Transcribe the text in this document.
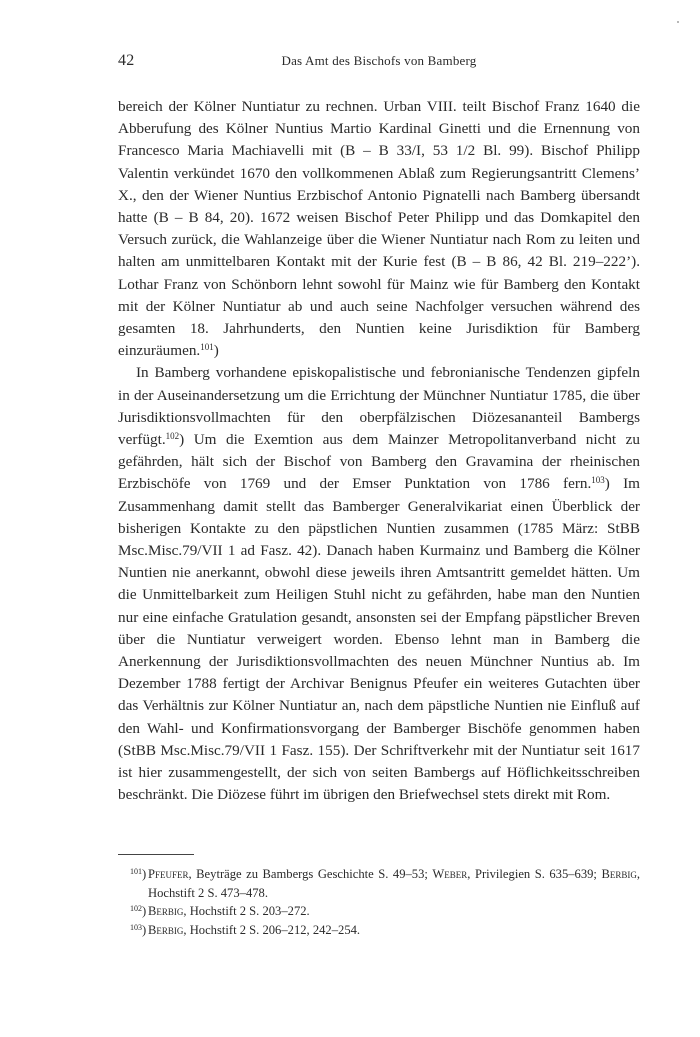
42	Das Amt des Bischofs von Bamberg

bereich der Kölner Nuntiatur zu rechnen. Urban VIII. teilt Bischof Franz 1640 die Abberufung des Kölner Nuntius Martio Kardinal Ginetti und die Ernennung von Francesco Maria Machiavelli mit (B – B 33/I, 53 1/2 Bl. 99). Bischof Philipp Valentin verkündet 1670 den vollkommenen Ablaß zum Regierungsantritt Clemens’ X., den der Wiener Nuntius Erzbischof Antonio Pignatelli nach Bamberg übersandt hatte (B – B 84, 20). 1672 weisen Bischof Peter Philipp und das Domkapitel den Versuch zurück, die Wahlanzeige über die Wiener Nuntiatur nach Rom zu leiten und halten am unmittelbaren Kontakt mit der Kurie fest (B – B 86, 42 Bl. 219–222’). Lothar Franz von Schönborn lehnt sowohl für Mainz wie für Bamberg den Kontakt mit der Kölner Nuntiatur ab und auch seine Nachfolger versuchen während des gesamten 18. Jahrhunderts, den Nuntien keine Jurisdiktion für Bamberg einzuräumen.$^{101}$)

In Bamberg vorhandene episkopalistische und febronianische Tendenzen gipfeln in der Auseinandersetzung um die Errichtung der Münchner Nuntiatur 1785, die über Jurisdiktionsvollmachten für den oberpfälzischen Diözesananteil Bambergs verfügt.$^{102}$) Um die Exemtion aus dem Mainzer Metropolitanverband nicht zu gefährden, hält sich der Bischof von Bamberg den Gravamina der rheinischen Erzbischöfe von 1769 und der Emser Punktation von 1786 fern.$^{103}$) Im Zusammenhang damit stellt das Bamberger Generalvikariat einen Überblick der bisherigen Kontakte zu den päpstlichen Nuntien zusammen (1785 März: StBB Msc.Misc.79/VII 1 ad Fasz. 42). Danach haben Kurmainz und Bamberg die Kölner Nuntien nie anerkannt, obwohl diese jeweils ihren Amtsantritt gemeldet hätten. Um die Unmittelbarkeit zum Heiligen Stuhl nicht zu gefährden, habe man den Nuntien nur eine einfache Gratulation gesandt, ansonsten sei der Empfang päpstlicher Breven über die Nuntiatur verweigert worden. Ebenso lehnt man in Bamberg die Anerkennung der Jurisdiktionsvollmachten des neuen Münchner Nuntius ab. Im Dezember 1788 fertigt der Archivar Benignus Pfeufer ein weiteres Gutachten über das Verhältnis zur Kölner Nuntiatur an, nach dem päpstliche Nuntien nie Einfluß auf den Wahl- und Konfirmationsvorgang der Bamberger Bischöfe genommen haben (StBB Msc.Misc.79/VII 1 Fasz. 155). Der Schriftverkehr mit der Nuntiatur seit 1617 ist hier zusammengestellt, der sich von seiten Bambergs auf Höflichkeitsschreiben beschränkt. Die Diözese führt im übrigen den Briefwechsel stets direkt mit Rom.

$^{101}$) Pfeufer, Beyträge zu Bambergs Geschichte S. 49–53; Weber, Privilegien S. 635–639; Berbig, Hochstift 2 S. 473–478.
$^{102}$) Berbig, Hochstift 2 S. 203–272.
$^{103}$) Berbig, Hochstift 2 S. 206–212, 242–254.
